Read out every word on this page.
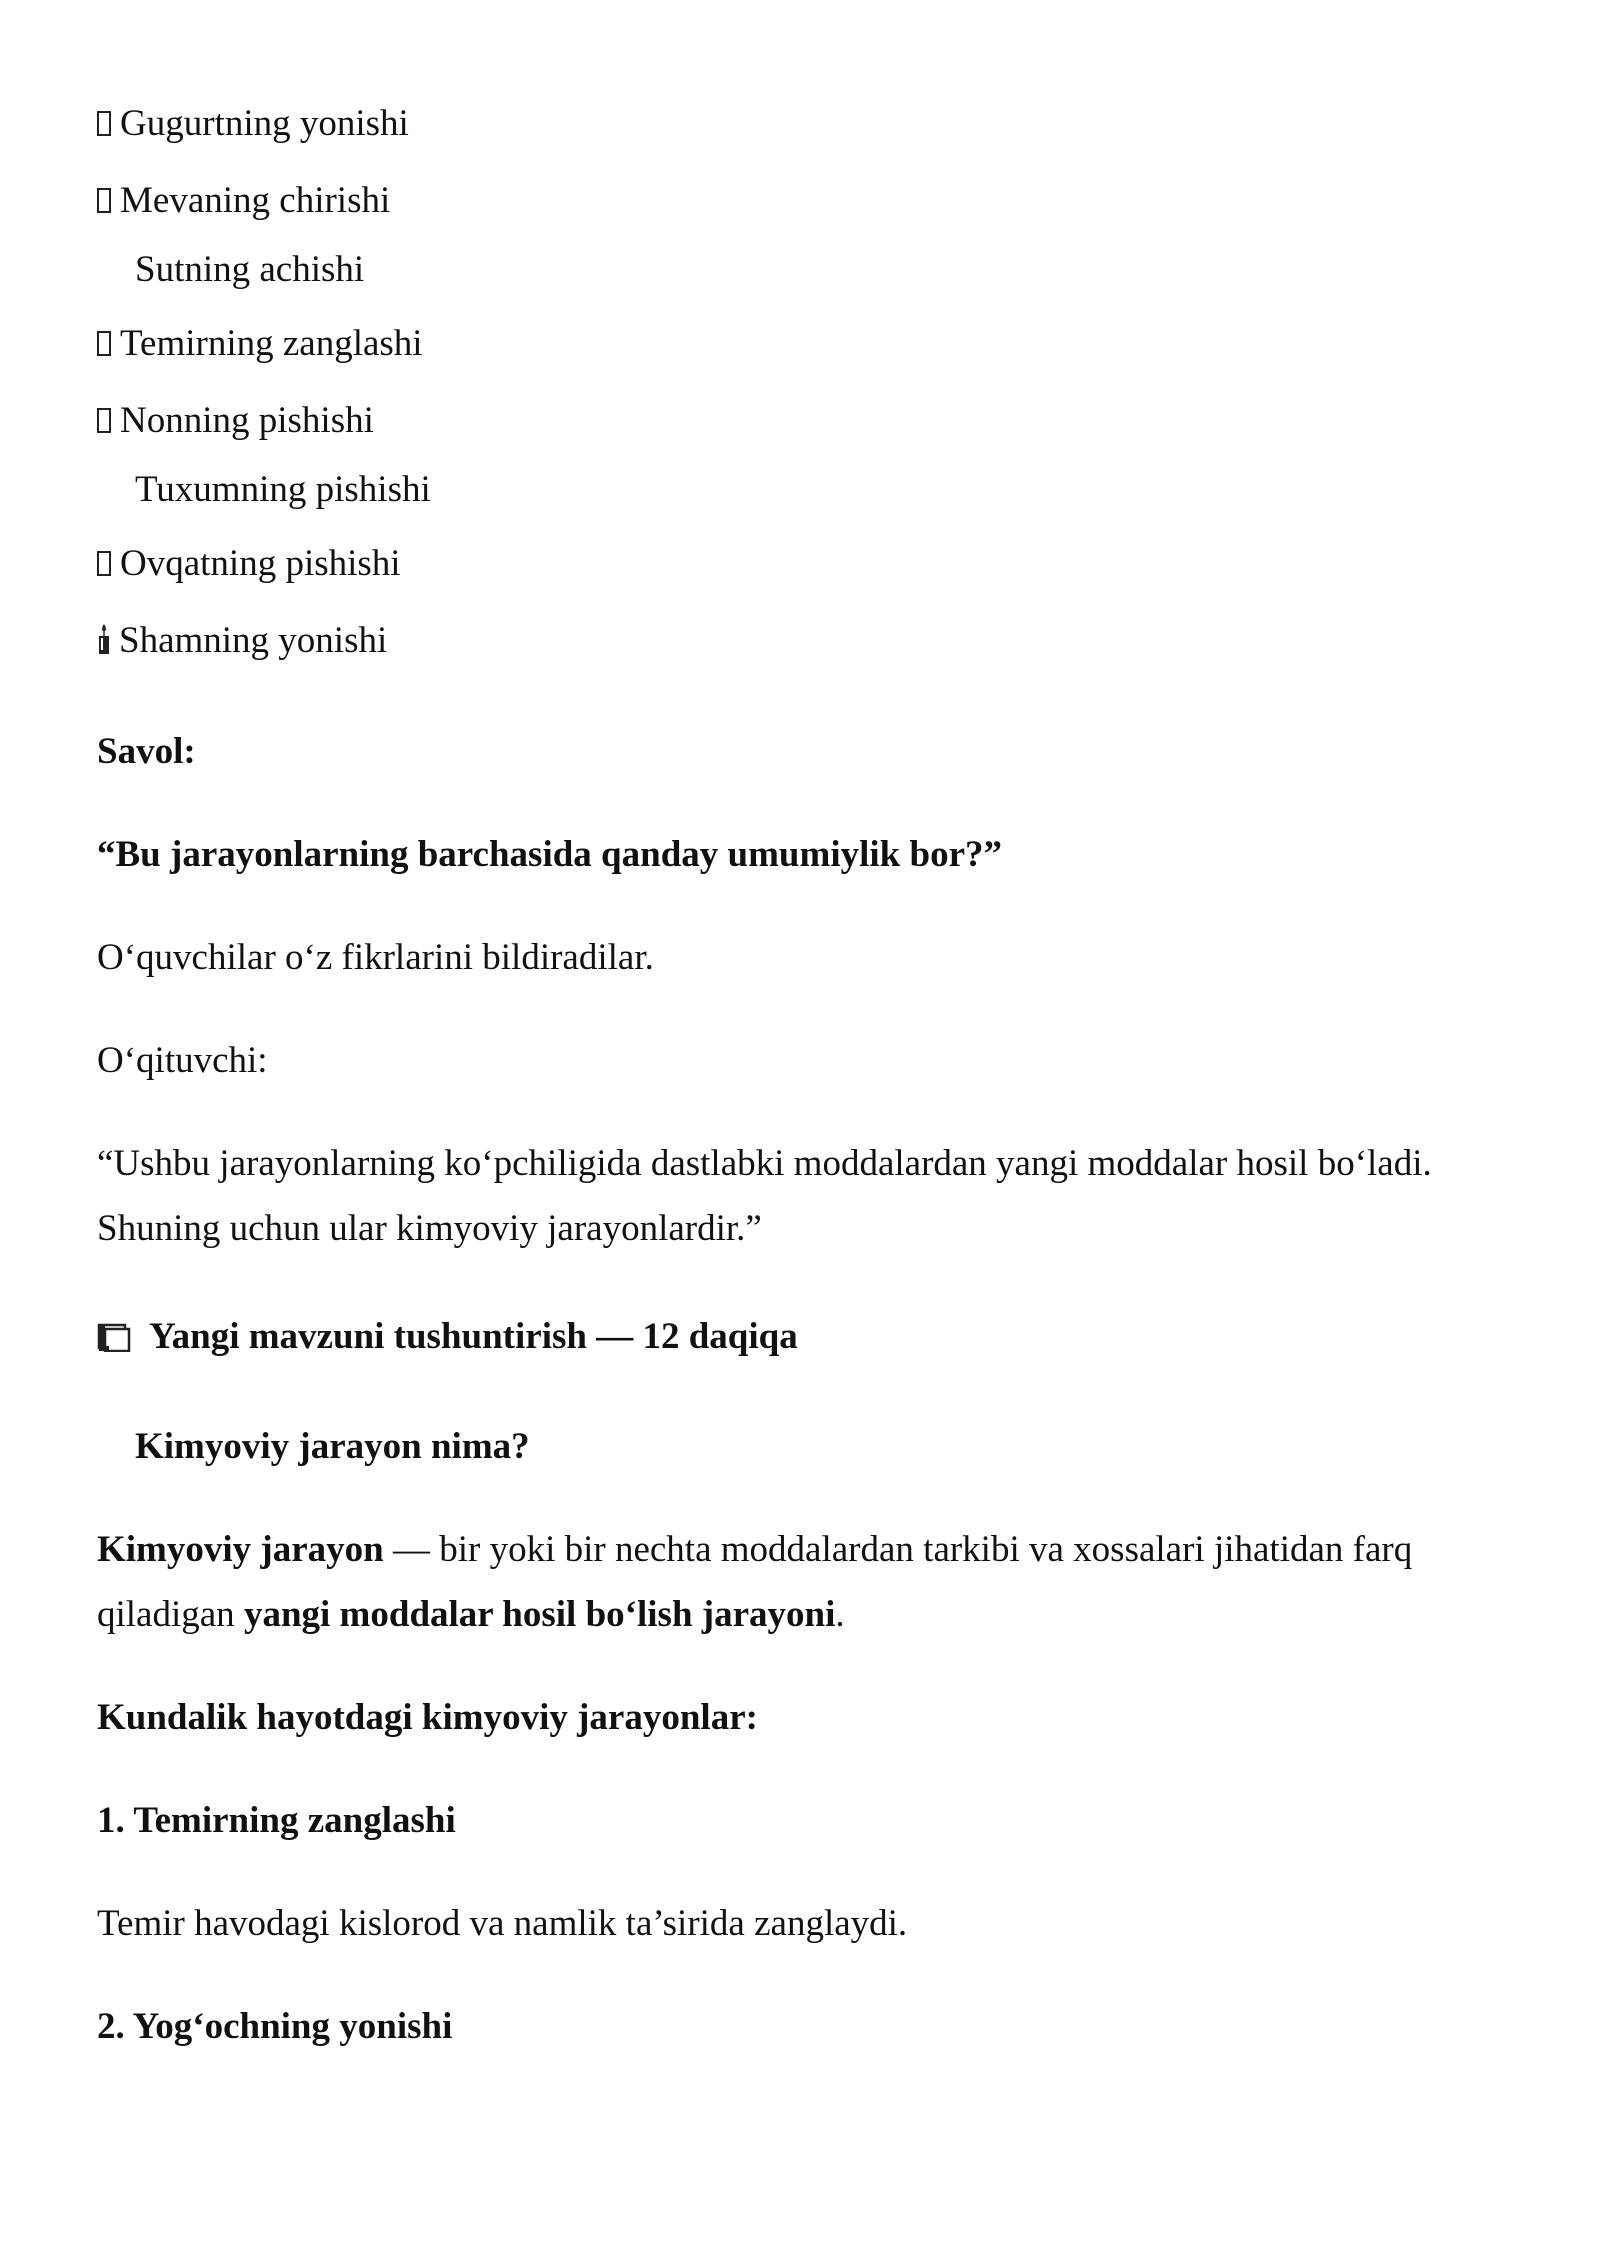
Gugurtning yonishi
Mevaning chirishi
Sutning achishi
Temirning zanglashi
Nonning pishishi
Tuxumning pishishi
Ovqatning pishishi
Shamning yonishi
Savol:
“Bu jarayonlarning barchasida qanday umumiylik bor?”
O‘quvchilar o‘z fikrlarini bildiradilar.
O‘qituvchi:
“Ushbu jarayonlarning ko‘pchiligida dastlabki moddalardan yangi moddalar hosil bo‘ladi.
Shuning uchun ular kimyoviy jarayonlardir.”
Yangi mavzuni tushuntirish — 12 daqiqa
Kimyoviy jarayon nima?
Kimyoviy jarayon — bir yoki bir nechta moddalardan tarkibi va xossalari jihatidan farq
qiladigan yangi moddalar hosil bo‘lish jarayoni.
Kundalik hayotdagi kimyoviy jarayonlar:
1. Temirning zanglashi
Temir havodagi kislorod va namlik ta’sirida zanglaydi.
2. Yog‘ochning yonishi
